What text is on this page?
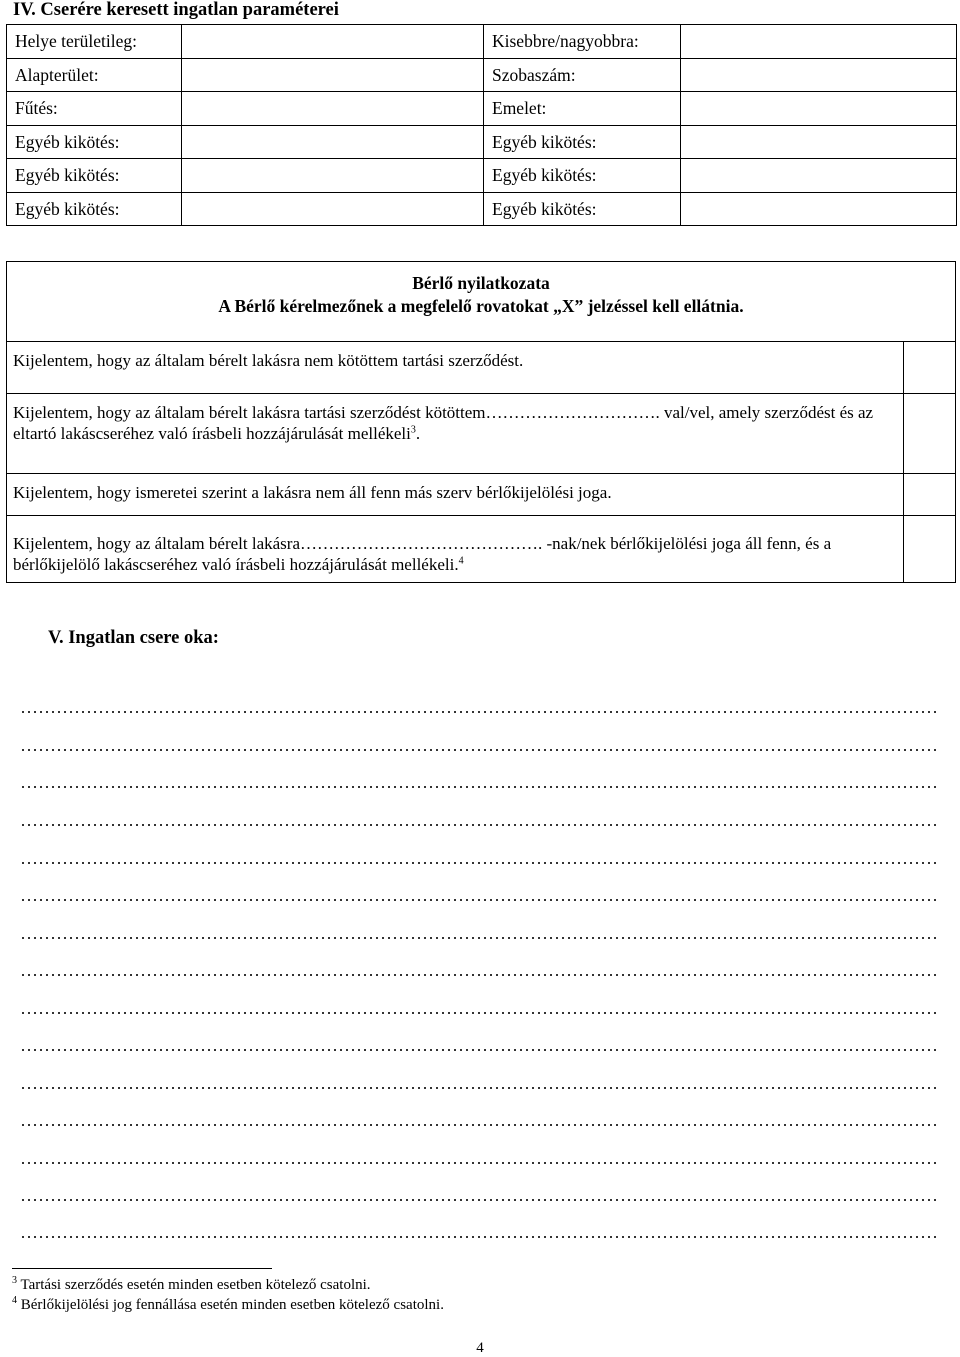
IV. Cserére keresett ingatlan paraméterei
Helye területileg:		Kisebbre/nagyobbra:	
Alapterület:		Szobaszám:	
Fűtés:		Emelet:	
Egyéb kikötés:		Egyéb kikötés:	
Egyéb kikötés:		Egyéb kikötés:	
Egyéb kikötés:		Egyéb kikötés:	
Bérlő nyilatkozata
A Bérlő kérelmezőnek a megfelelő rovatokat „X” jelzéssel kell ellátnia.
Kijelentem, hogy az általam bérelt lakásra nem kötöttem tartási szerződést.
Kijelentem, hogy az általam bérelt lakásra tartási szerződést kötöttem…………………………. val/vel, amely szerződést és az eltartó lakáscseréhez való írásbeli hozzájárulását mellékeli$^3$.
Kijelentem, hogy ismeretei szerint a lakásra nem áll fenn más szerv bérlőkijelölési joga.
Kijelentem, hogy az általam bérelt lakásra……………………………………. -nak/nek bérlőkijelölési joga áll fenn, és a bérlőkijelölő lakáscseréhez való írásbeli hozzájárulását mellékeli.$^4$
V. Ingatlan csere oka:
$^3$ Tartási szerződés esetén minden esetben kötelező csatolni.
$^4$ Bérlőkijelölési jog fennállása esetén minden esetben kötelező csatolni.
4
